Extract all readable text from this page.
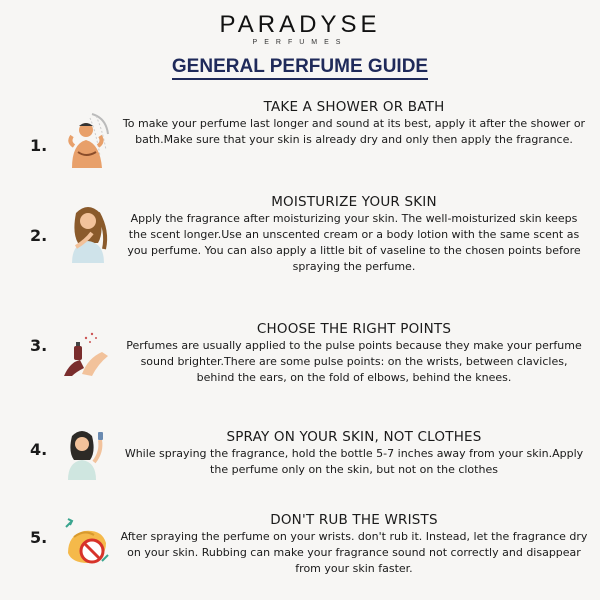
PARADYSE
PERFUMES
GENERAL PERFUME GUIDE
1.
TAKE A SHOWER OR BATH
To make your perfume last longer and sound at its best, apply it after the shower or bath.Make sure that your skin is already dry and only then apply the fragrance.
2.
MOISTURIZE YOUR SKIN
Apply the fragrance after moisturizing your skin. The well-moisturized skin keeps the scent longer.Use an unscented cream or a body lotion with the same scent as you perfume. You can also apply a little bit of vaseline to the chosen points before spraying the perfume.
3.
CHOOSE THE RIGHT POINTS
Perfumes are usually applied to the pulse points because they make your perfume sound brighter.There are some pulse points: on the wrists, between clavicles, behind the ears, on the fold of elbows, behind the knees.
4.
SPRAY ON YOUR SKIN, NOT CLOTHES
While spraying the fragrance, hold the bottle 5-7 inches away from your skin.Apply the perfume only on the skin, but not on the clothes
5.
DON'T RUB THE WRISTS
After spraying the perfume on your wrists. don't rub it. Instead, let the fragrance dry on your skin. Rubbing can make your fragrance sound not correctly and disappear from your skin faster.
